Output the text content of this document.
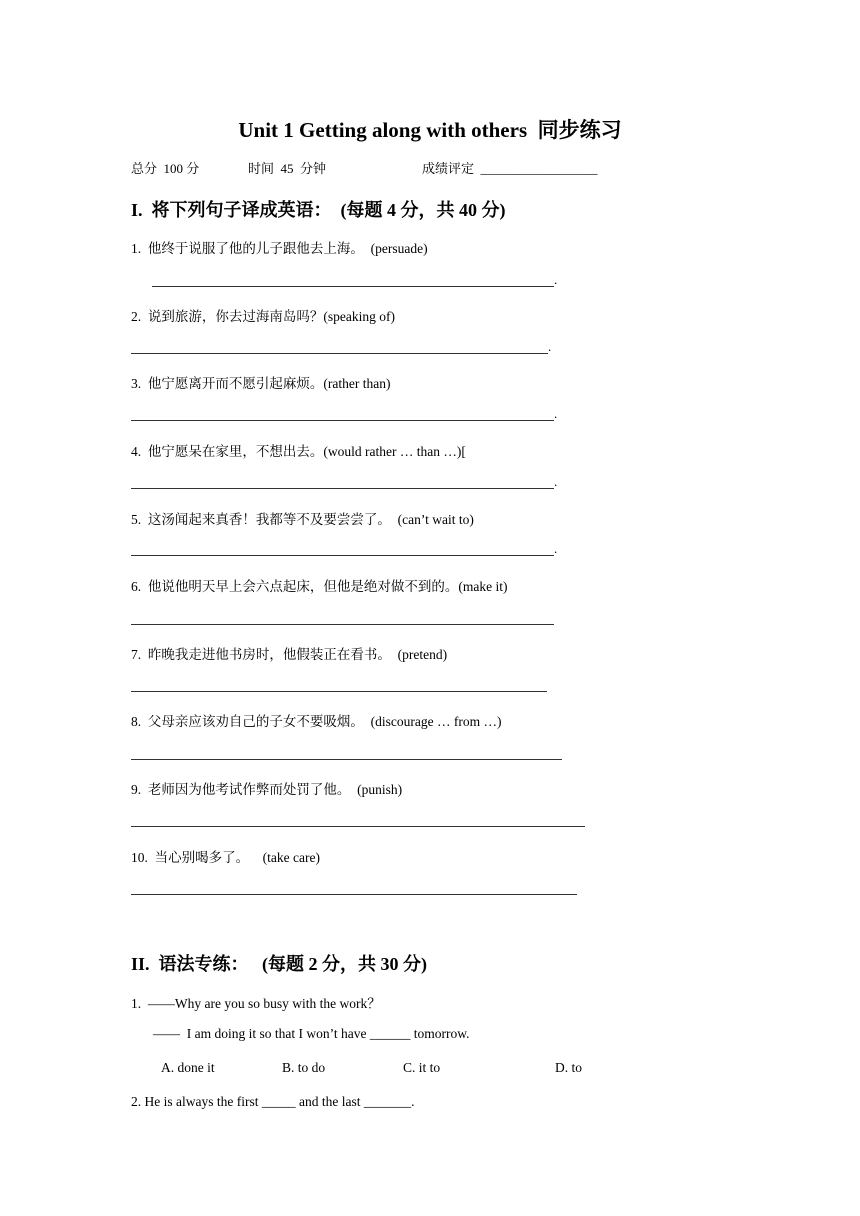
Unit 1 Getting along with others  同步练习
总分  100 分	时间  45  分钟	成绩评定  __________________
I.  将下列句子译成英语：  (每题 4 分，共 40 分)
1.  他终于说服了他的儿子跟他去上海。  (persuade)
.
2.  说到旅游，你去过海南岛吗？(speaking of)
.
3.  他宁愿离开而不愿引起麻烦。(rather than)
.
4.  他宁愿呆在家里，不想出去。(would rather … than …)[
.
5.  这汤闻起来真香！我都等不及要尝尝了。  (can’t wait to)
.
6.  他说他明天早上会六点起床，但他是绝对做不到的。(make it)
7.  昨晚我走进他书房时，他假装正在看书。  (pretend)
8.  父母亲应该劝自己的子女不要吸烟。  (discourage … from …)
9.  老师因为他考试作弊而处罚了他。  (punish)
10.  当心别喝多了。    (take care)
II.  语法专练：   (每题 2 分，共 30 分)
1.  ——Why are you so busy with the work？
——  I am doing it so that I won’t have ______ tomorrow.
A. done it	B. to do	C. it to	D. to
2. He is always the first _____ and the last _______.
